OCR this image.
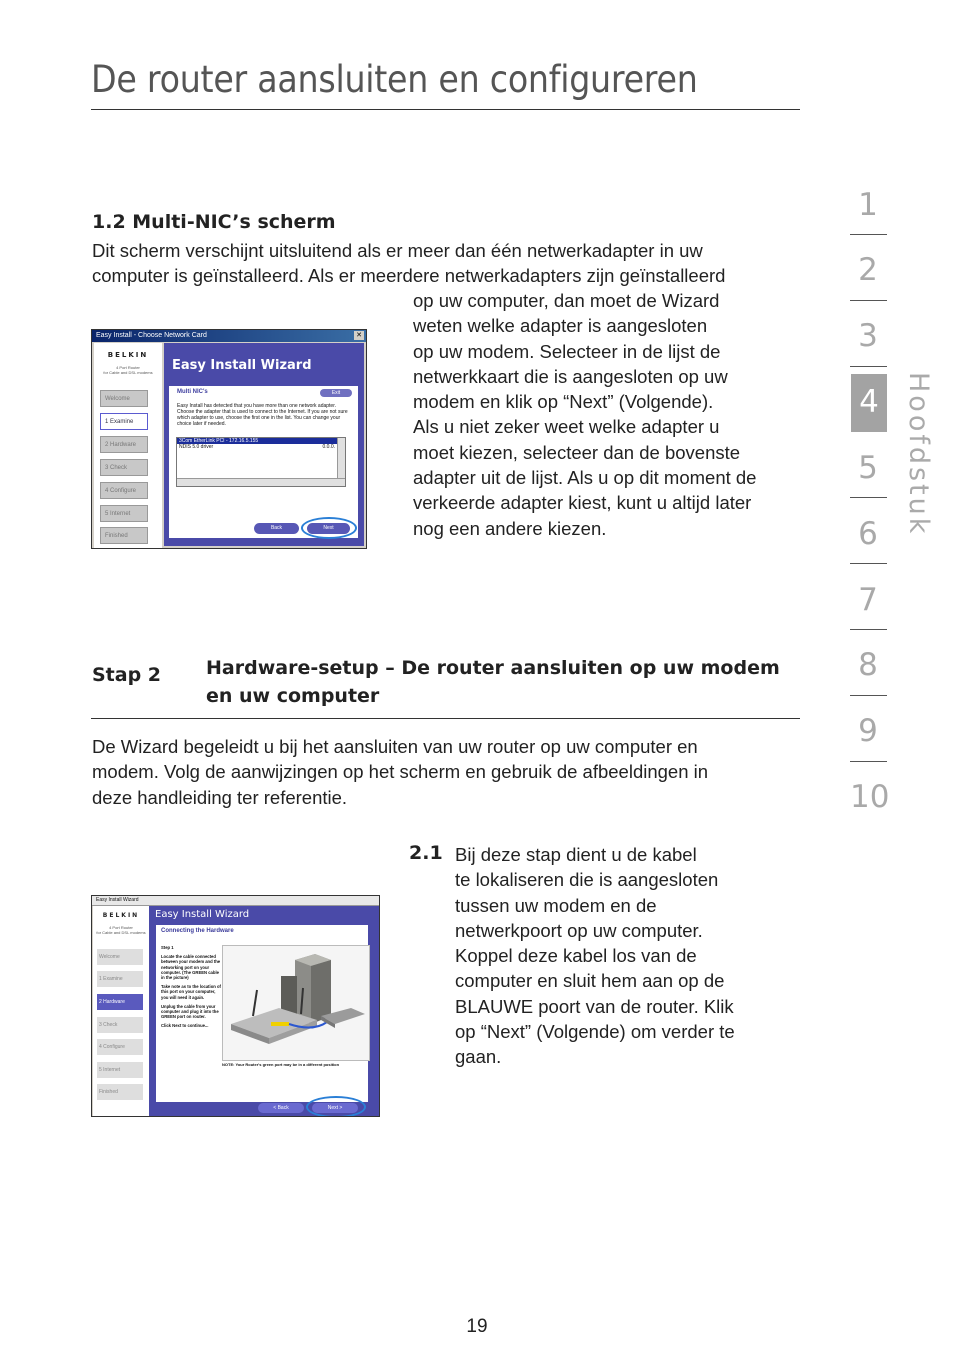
De router aansluiten en configureren
1.2 Multi-NIC’s scherm

Dit scherm verschijnt uitsluitend als er meer dan één netwerkadapter in uw

computer is geïnstalleerd. Als er meerdere netwerkadapters zijn geïnstalleerd

op uw computer, dan moet de Wizard

weten welke adapter is aangesloten

op uw modem. Selecteer in de lijst de

netwerkkaart die is aangesloten op uw

modem en klik op “Next” (Volgende).

Als u niet zeker weet welke adapter u

moet kiezen, selecteer dan de bovenste

adapter uit de lijst. Als u op dit moment de

verkeerde adapter kiest, kunt u altijd later

nog een andere kiezen.

Easy Install - Choose Network Card	✕
BELKIN
4 Port Router
for Cable and DSL modems
Welcome
1 Examine
2 Hardware
3 Check
4 Configure
5 Internet
Finished
Easy Install Wizard
Multi NIC's	Exit
Easy Install has detected that you have more than one network adapter. Choose the adapter that is used to connect to the Internet. If you are not sure which adapter to use, choose the first one in the list. You can change your choice later if needed.
3Com EtherLink PCI - 172.16.5.155
NDIS 5.0 driver	0.0.0.
Back	Next
Stap 2 Hardware-setup – De router aansluiten op uw modem
en uw computer

De Wizard begeleidt u bij het aansluiten van uw router op uw computer en

modem. Volg de aanwijzingen op het scherm en gebruik de afbeeldingen in

deze handleiding ter referentie.

2.1 Bij deze stap dient u de kabel

te lokaliseren die is aangesloten

tussen uw modem en de

netwerkpoort op uw computer.

Koppel deze kabel los van de

computer en sluit hem aan op de

BLAUWE poort van de router. Klik

op “Next” (Volgende) om verder te

gaan.

Easy Install Wizard
BELKIN
4 Port Router
for Cable and DSL modems
Welcome
1 Examine
2 Hardware
3 Check
4 Configure
5 Internet
Finished
Easy Install Wizard
Connecting the Hardware
Step 1
Locate the cable connected between your modem and the networking port on your computer. (The GREEN cable in the picture)
Take note as to the location of this port on your computer, you will need it again.
Unplug the cable from your computer and plug it into the GREEN port on router.
Click Next to continue...
NOTE: Your Router's green port may be in a different position
< Back	Next >
1
2
3
4
5
6
7
8
9
10
Hoofdstuk
19
